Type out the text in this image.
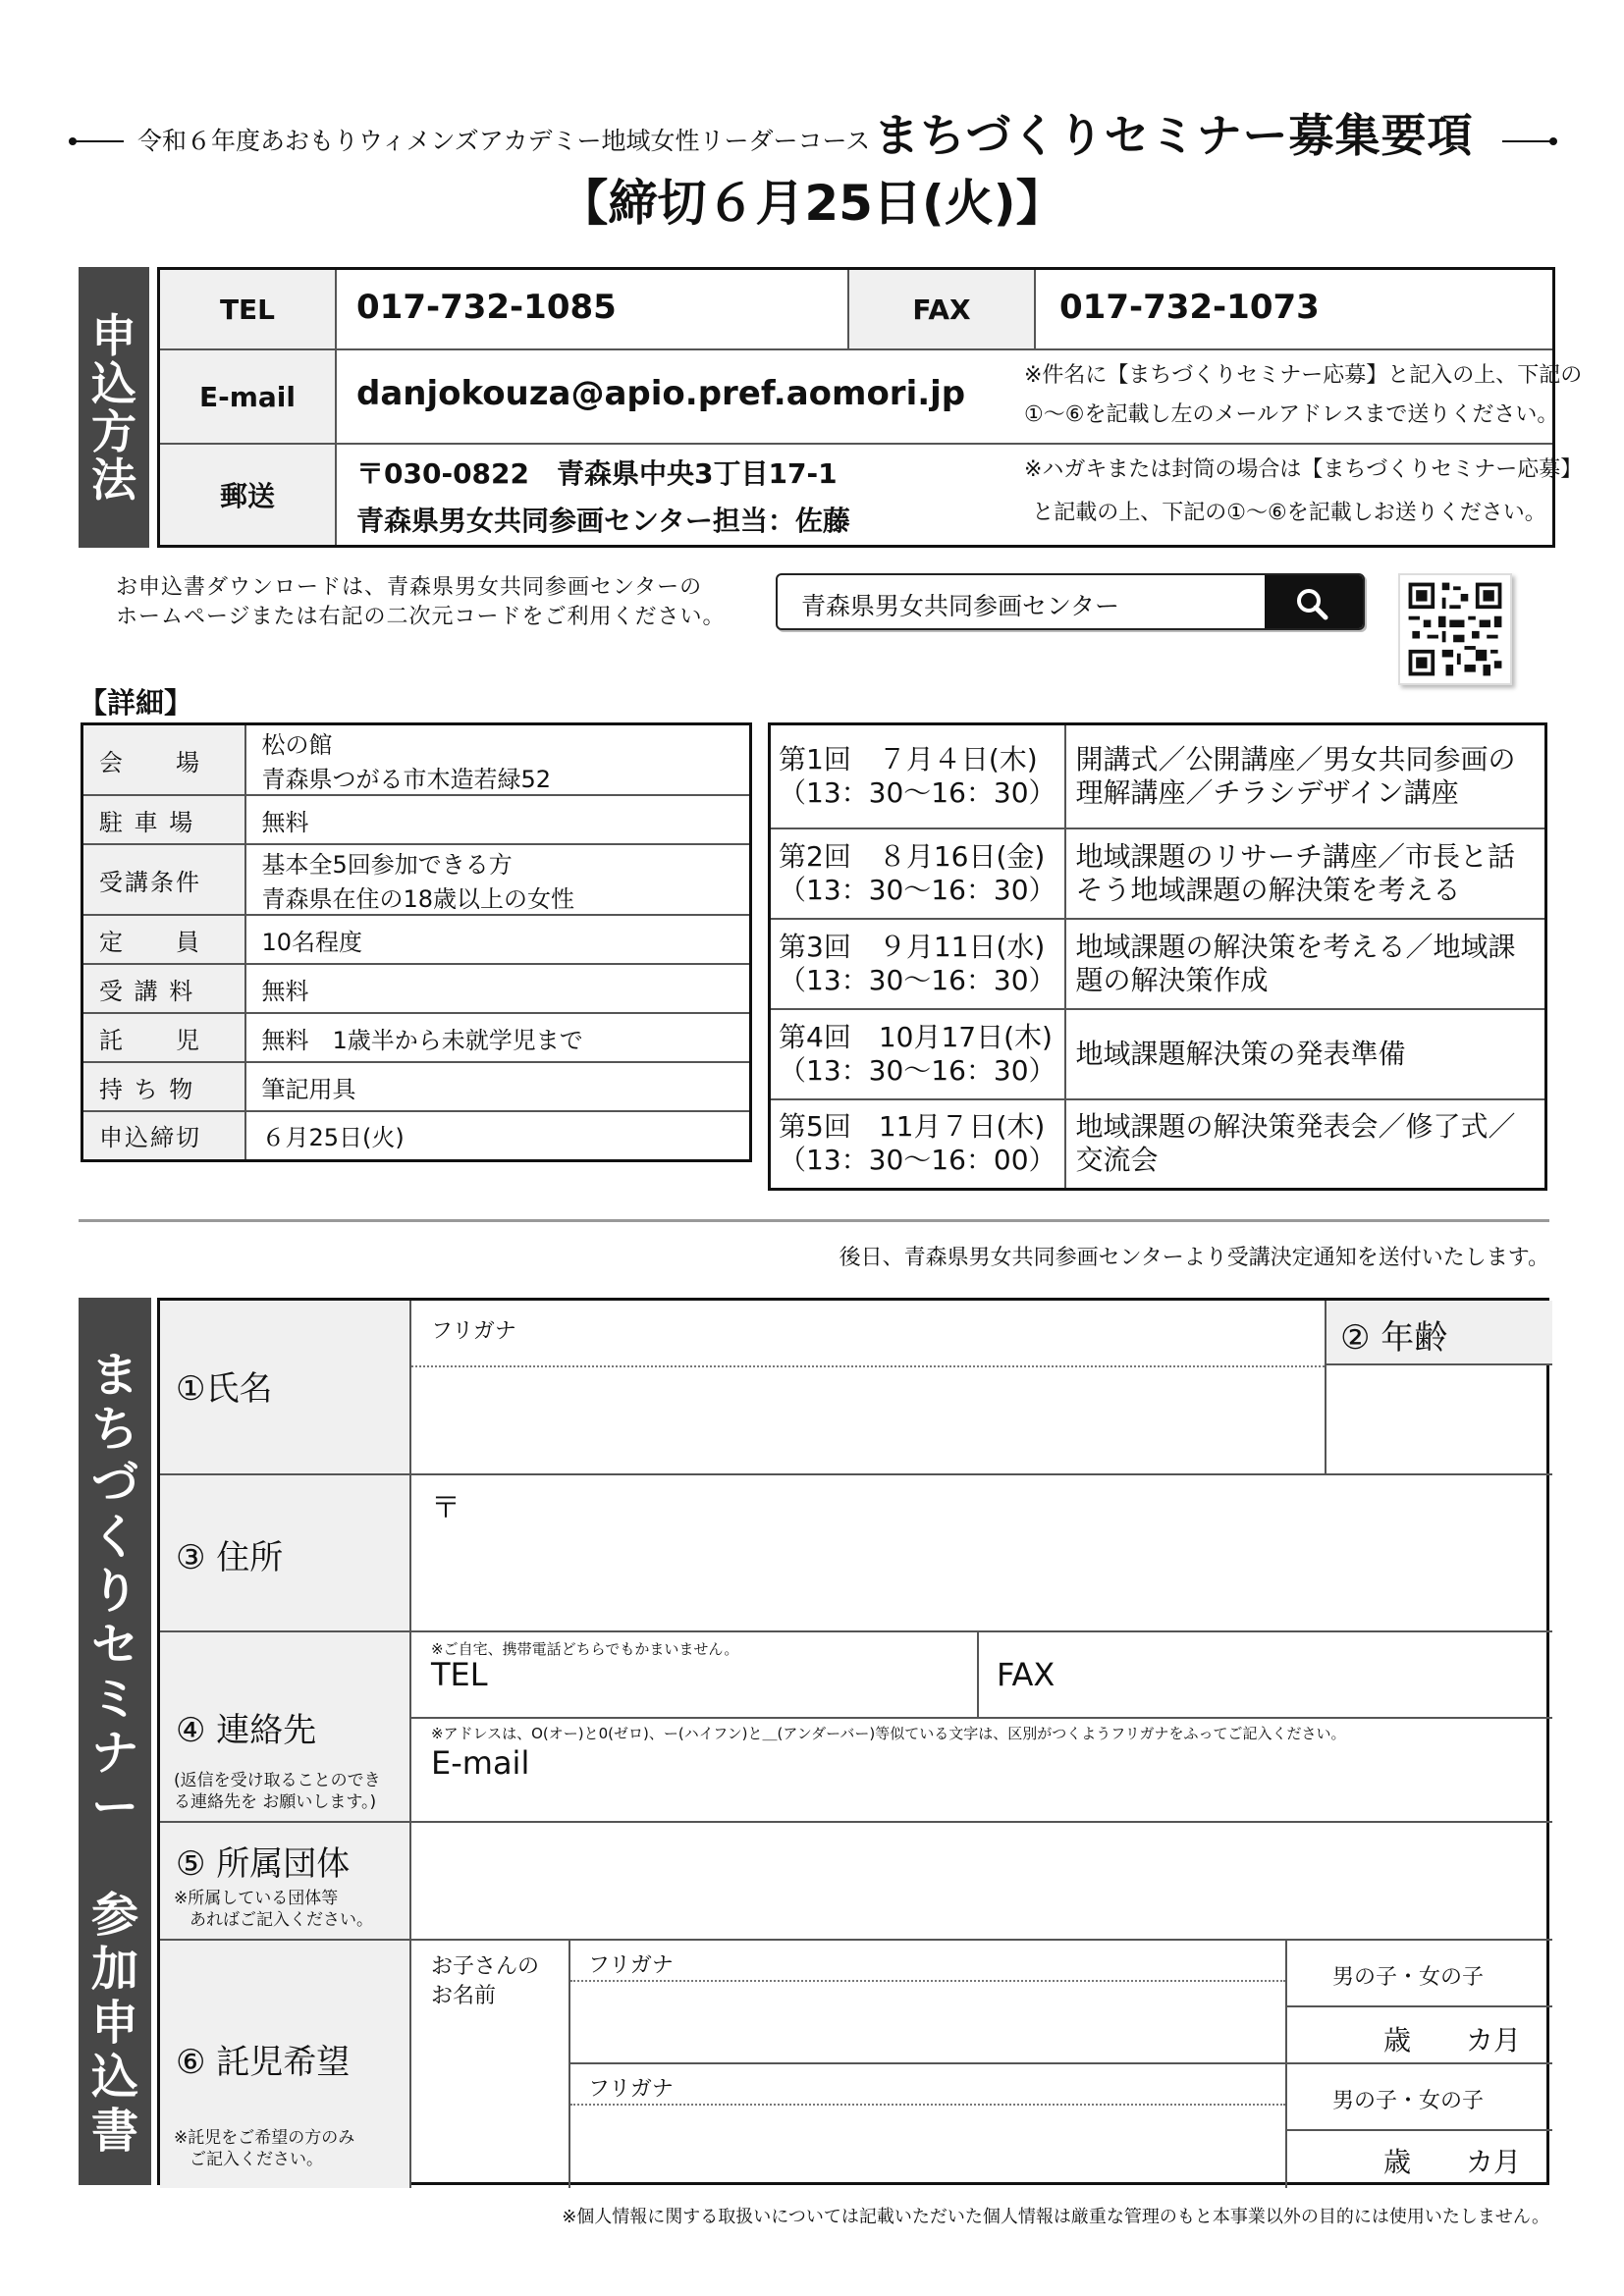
令和６年度あおもりウィメンズアカデミー地域女性リーダーコース まちづくりセミナー募集要項
【締切６月25日(火)】
申
込
方
法
TEL	017-732-1085	FAX	017-732-1073
E-mail	danjokouza@apio.pref.aomori.jp	※件名に【まちづくりセミナー応募】と記入の上、下記の
①～⑥を記載し左のメールアドレスまで送りください。
郵送
〒030-0822　青森県中央3丁目17-1
青森県男女共同参画センター担当：佐藤
※ハガキまたは封筒の場合は【まちづくりセミナー応募】
と記載の上、下記の①～⑥を記載しお送りください。
お申込書ダウンロードは、青森県男女共同参画センターの
ホームページまたは右記の二次元コードをご利用ください。	青森県男女共同参画センター
【詳細】
会　　場	松の館
青森県つがる市木造若緑52

駐 車 場	無料
受講条件	基本全5回参加できる方
青森県在住の18歳以上の女性

定　　員	10名程度
受 講 料	無料
託　　児	無料　1歳半から未就学児まで
持 ち 物	筆記用具
申込締切	６月25日(火)
第1回　７月４日(木)
（13：30～16：30）	開講式／公開講座／男女共同参画の理解講座／チラシデザイン講座

第2回　８月16日(金)
（13：30～16：30）	地域課題のリサーチ講座／市長と話そう地域課題の解決策を考える

第3回　９月11日(水)
（13：30～16：30）	地域課題の解決策を考える／地域課題の解決策作成

第4回　10月17日(木)
（13：30～16：30）	地域課題解決策の発表準備

第5回　11月７日(木)
（13：30～16：00）	地域課題の解決策発表会／修了式／交流会
後日、青森県男女共同参画センターより受講決定通知を送付いたします。
ま
ち
づ
く
り
セ
ミ
ナ
ー

参
加
申
込
書
①氏名
フリガナ	② 年齢
③ 住所
〒
④ 連絡先
(返信を受け取ることのでき
る連絡先を お願いします。)
※ご自宅、携帯電話どちらでもかまいません。
TEL	FAX
※アドレスは、O(オー)と0(ゼロ)、ー(ハイフン)と＿(アンダーバー)等似ている文字は、区別がつくようフリガナをふってご記入ください。
E-mail
⑤ 所属団体
※所属している団体等
あればご記入ください。
⑥ 託児希望
※託児をご希望の方のみ
ご記入ください。
お子さんの
お名前
フリガナ	男の子・女の子
歳　　カ月
フリガナ	男の子・女の子
歳　　カ月
※個人情報に関する取扱いについては記載いただいた個人情報は厳重な管理のもと本事業以外の目的には使用いたしません。
